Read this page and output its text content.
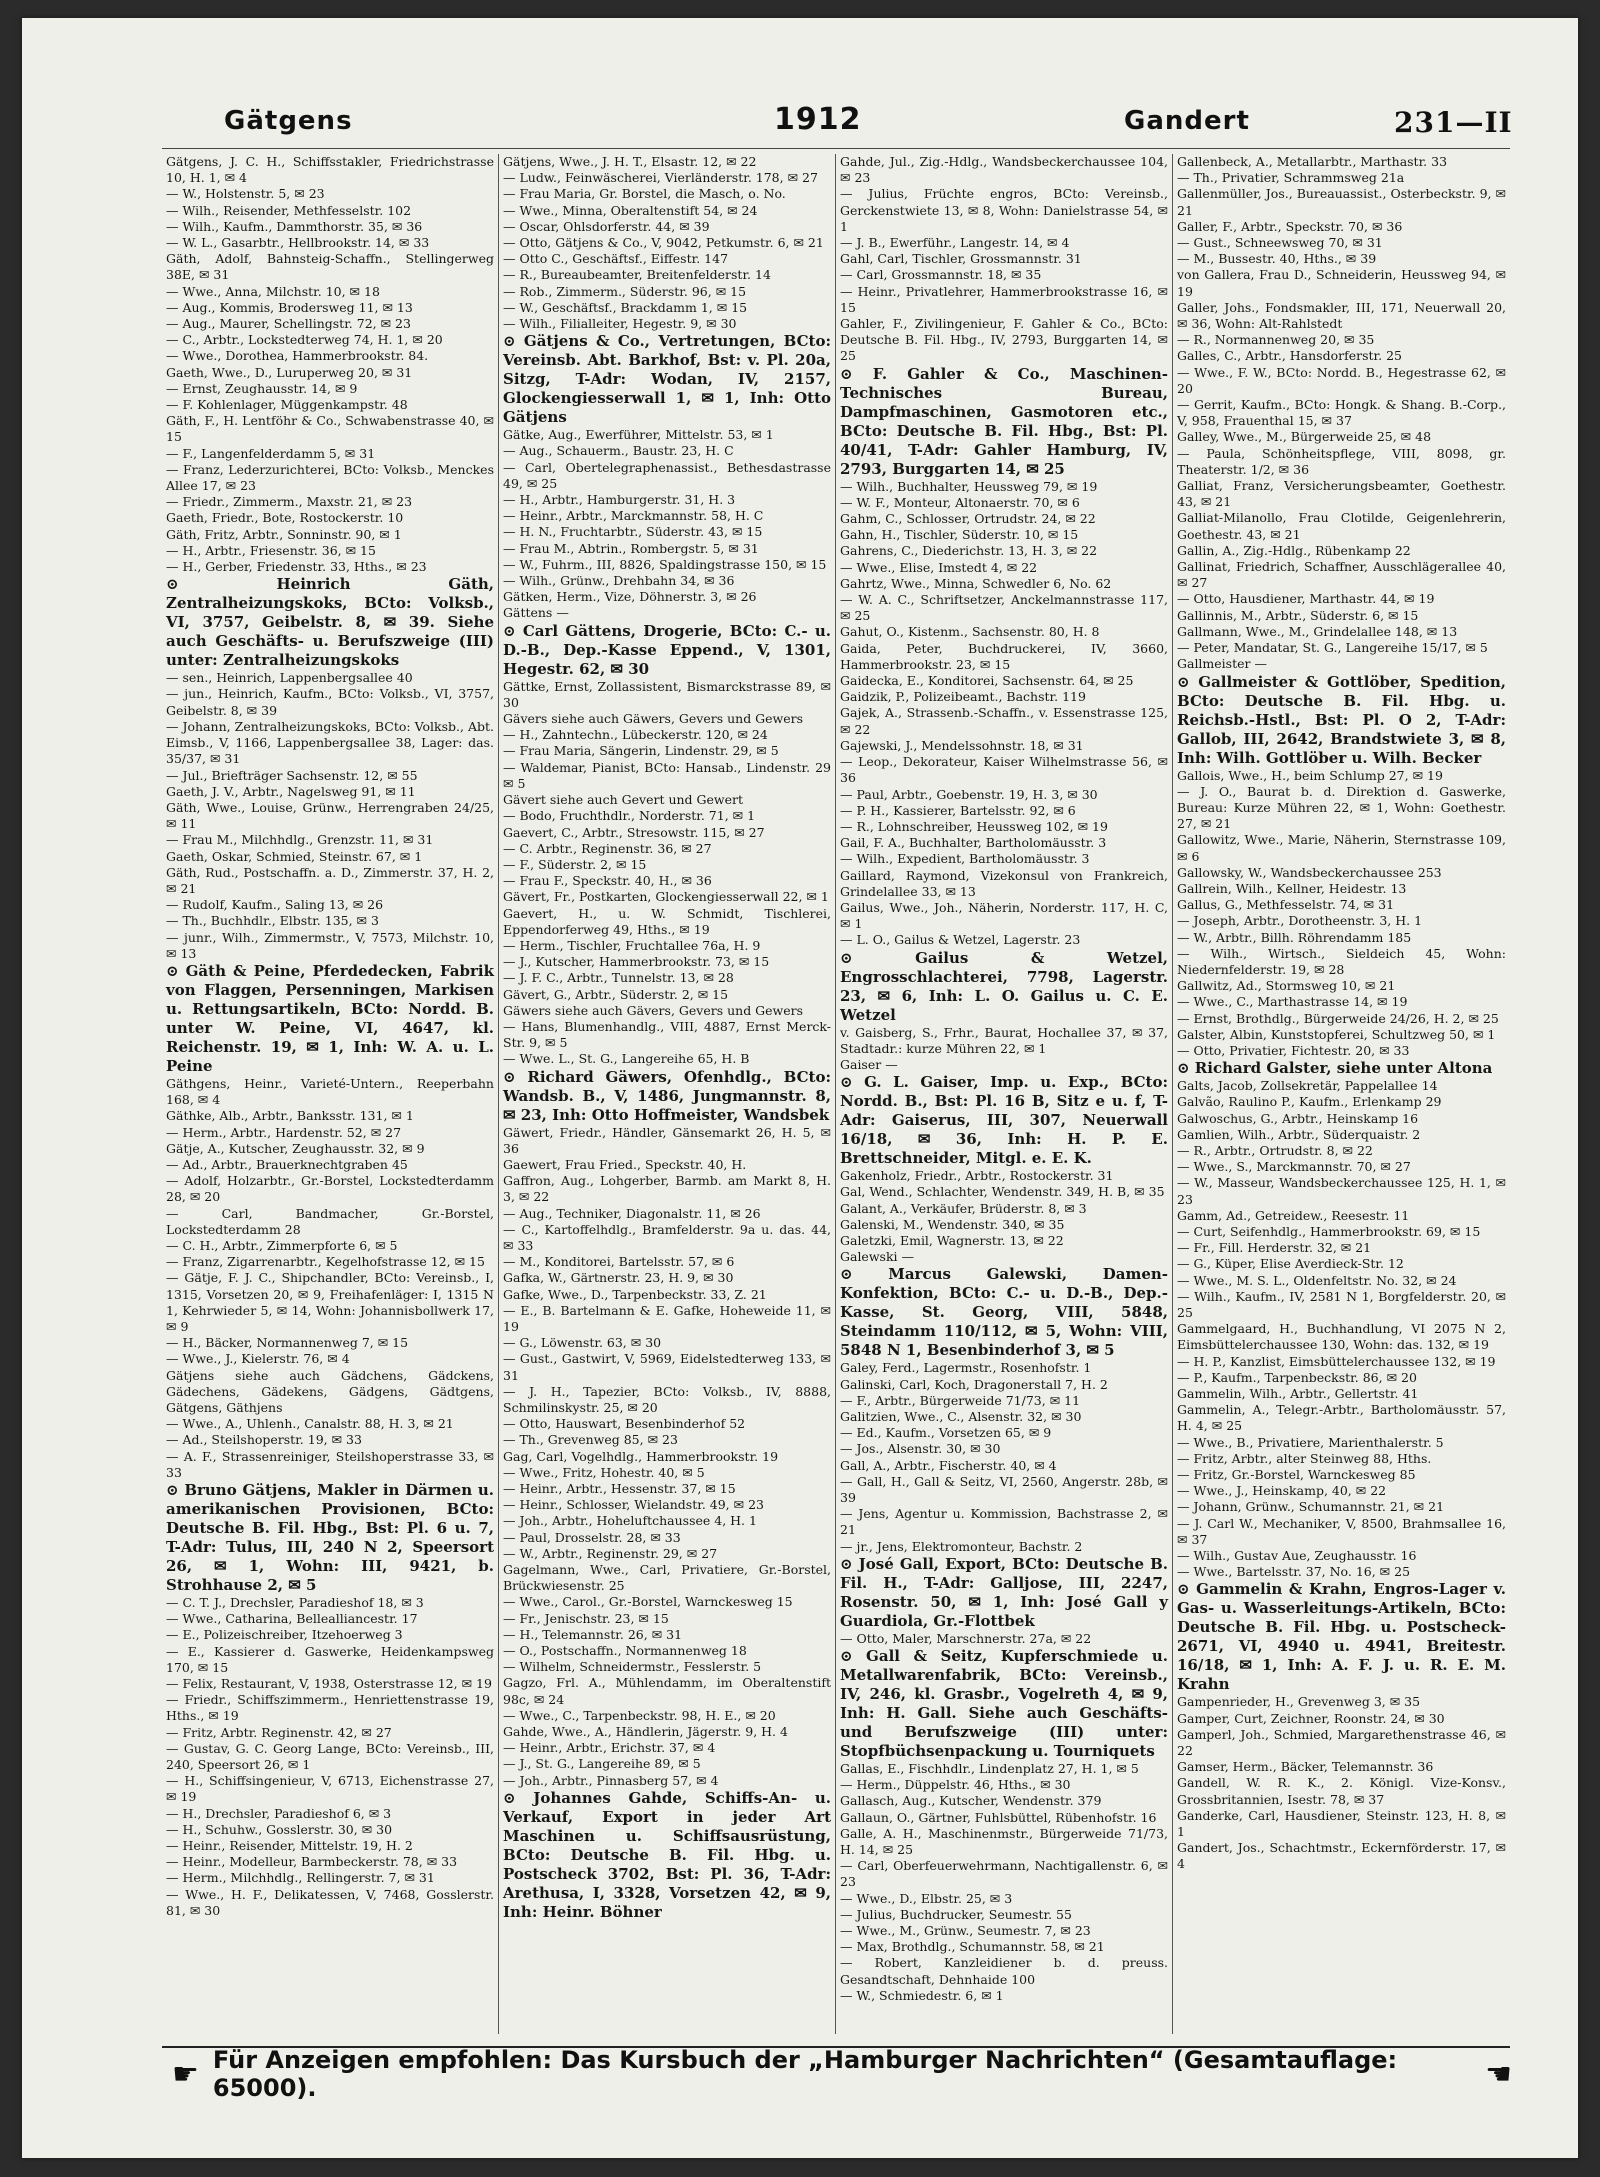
Gätgens	1912	Gandert	231—II

Gätgens, J. C. H., Schiffsstakler, Friedrichstrasse 10, H. 1, ✉ 4

— W., Holstenstr. 5, ✉ 23

— Wilh., Reisender, Methfesselstr. 102

— Wilh., Kaufm., Dammthorstr. 35, ✉ 36

— W. L., Gasarbtr., Hellbrookstr. 14, ✉ 33

Gäth, Adolf, Bahnsteig-Schaffn., Stellingerweg 38E, ✉ 31

— Wwe., Anna, Milchstr. 10, ✉ 18

— Aug., Kommis, Brodersweg 11, ✉ 13

— Aug., Maurer, Schellingstr. 72, ✉ 23

— C., Arbtr., Lockstedterweg 74, H. 1, ✉ 20

— Wwe., Dorothea, Hammerbrookstr. 84.

Gaeth, Wwe., D., Luruperweg 20, ✉ 31

— Ernst, Zeughausstr. 14, ✉ 9

— F. Kohlenlager, Müggenkampstr. 48

Gäth, F., H. Lentföhr & Co., Schwabenstrasse 40, ✉ 15

— F., Langenfelderdamm 5, ✉ 31

— Franz, Lederzurichterei, BCto: Volksb., Menckes Allee 17, ✉ 23

— Friedr., Zimmerm., Maxstr. 21, ✉ 23

Gaeth, Friedr., Bote, Rostockerstr. 10

Gäth, Fritz, Arbtr., Sonninstr. 90, ✉ 1

— H., Arbtr., Friesenstr. 36, ✉ 15

— H., Gerber, Friedenstr. 33, Hths., ✉ 23

⊙ Heinrich Gäth, Zentralheizungskoks, BCto: Volksb., VI, 3757, Geibelstr. 8, ✉ 39. Siehe auch Geschäfts- u. Berufszweige (III) unter: Zentralheizungskoks

— sen., Heinrich, Lappenbergsallee 40

— jun., Heinrich, Kaufm., BCto: Volksb., VI, 3757, Geibelstr. 8, ✉ 39

— Johann, Zentralheizungskoks, BCto: Volksb., Abt. Eimsb., V, 1166, Lappenbergsallee 38, Lager: das. 35/37, ✉ 31

— Jul., Briefträger Sachsenstr. 12, ✉ 55

Gaeth, J. V., Arbtr., Nagelsweg 91, ✉ 11

Gäth, Wwe., Louise, Grünw., Herrengraben 24/25, ✉ 11

— Frau M., Milchhdlg., Grenzstr. 11, ✉ 31

Gaeth, Oskar, Schmied, Steinstr. 67, ✉ 1

Gäth, Rud., Postschaffn. a. D., Zimmerstr. 37, H. 2, ✉ 21

— Rudolf, Kaufm., Saling 13, ✉ 26

— Th., Buchhdlr., Elbstr. 135, ✉ 3

— junr., Wilh., Zimmermstr., V, 7573, Milchstr. 10, ✉ 13

⊙ Gäth & Peine, Pferdedecken, Fabrik von Flaggen, Persenningen, Markisen u. Rettungsartikeln, BCto: Nordd. B. unter W. Peine, VI, 4647, kl. Reichenstr. 19, ✉ 1, Inh: W. A. u. L. Peine

Gäthgens, Heinr., Varieté-Untern., Reeperbahn 168, ✉ 4

Gäthke, Alb., Arbtr., Banksstr. 131, ✉ 1

— Herm., Arbtr., Hardenstr. 52, ✉ 27

Gätje, A., Kutscher, Zeughausstr. 32, ✉ 9

— Ad., Arbtr., Brauerknechtgraben 45

— Adolf, Holzarbtr., Gr.-Borstel, Lockstedterdamm 28, ✉ 20

— Carl, Bandmacher, Gr.-Borstel, Lockstedterdamm 28

— C. H., Arbtr., Zimmerpforte 6, ✉ 5

— Franz, Zigarrenarbtr., Kegelhofstrasse 12, ✉ 15

— Gätje, F. J. C., Shipchandler, BCto: Vereinsb., I, 1315, Vorsetzen 20, ✉ 9, Freihafenläger: I, 1315 N 1, Kehrwieder 5, ✉ 14, Wohn: Johannisbollwerk 17, ✉ 9

— H., Bäcker, Normannenweg 7, ✉ 15

— Wwe., J., Kielerstr. 76, ✉ 4

Gätjens siehe auch Gädchens, Gädckens, Gädechens, Gädekens, Gädgens, Gädtgens, Gätgens, Gäthjens

— Wwe., A., Uhlenh., Canalstr. 88, H. 3, ✉ 21

— Ad., Steilshoperstr. 19, ✉ 33

— A. F., Strassenreiniger, Steilshoperstrasse 33, ✉ 33

⊙ Bruno Gätjens, Makler in Därmen u. amerikanischen Provisionen, BCto: Deutsche B. Fil. Hbg., Bst: Pl. 6 u. 7, T-Adr: Tulus, III, 240 N 2, Speersort 26, ✉ 1, Wohn: III, 9421, b. Strohhause 2, ✉ 5

— C. T. J., Drechsler, Paradieshof 18, ✉ 3

— Wwe., Catharina, Bellealliancestr. 17

— E., Polizeischreiber, Itzehoerweg 3

— E., Kassierer d. Gaswerke, Heidenkampsweg 170, ✉ 15

— Felix, Restaurant, V, 1938, Osterstrasse 12, ✉ 19

— Friedr., Schiffszimmerm., Henriettenstrasse 19, Hths., ✉ 19

— Fritz, Arbtr. Reginenstr. 42, ✉ 27

— Gustav, G. C. Georg Lange, BCto: Vereinsb., III, 240, Speersort 26, ✉ 1

— H., Schiffsingenieur, V, 6713, Eichenstrasse 27, ✉ 19

— H., Drechsler, Paradieshof 6, ✉ 3

— H., Schuhw., Gosslerstr. 30, ✉ 30

— Heinr., Reisender, Mittelstr. 19, H. 2

— Heinr., Modelleur, Barmbeckerstr. 78, ✉ 33

— Herm., Milchhdlg., Rellingerstr. 7, ✉ 31

— Wwe., H. F., Delikatessen, V, 7468, Gosslerstr. 81, ✉ 30

Gätjens, Wwe., J. H. T., Elsastr. 12, ✉ 22

— Ludw., Feinwäscherei, Vierländerstr. 178, ✉ 27

— Frau Maria, Gr. Borstel, die Masch, o. No.

— Wwe., Minna, Oberaltenstift 54, ✉ 24

— Oscar, Ohlsdorferstr. 44, ✉ 39

— Otto, Gätjens & Co., V, 9042, Petkumstr. 6, ✉ 21

— Otto C., Geschäftsf., Eiffestr. 147

— R., Bureaubeamter, Breitenfelderstr. 14

— Rob., Zimmerm., Süderstr. 96, ✉ 15

— W., Geschäftsf., Brackdamm 1, ✉ 15

— Wilh., Filialleiter, Hegestr. 9, ✉ 30

⊙ Gätjens & Co., Vertretungen, BCto: Vereinsb. Abt. Barkhof, Bst: v. Pl. 20a, Sitzg, T-Adr: Wodan, IV, 2157, Glockengiesserwall 1, ✉ 1, Inh: Otto Gätjens

Gätke, Aug., Ewerführer, Mittelstr. 53, ✉ 1

— Aug., Schauerm., Baustr. 23, H. C

— Carl, Obertelegraphenassist., Bethesdastrasse 49, ✉ 25

— H., Arbtr., Hamburgerstr. 31, H. 3

— Heinr., Arbtr., Marckmannstr. 58, H. C

— H. N., Fruchtarbtr., Süderstr. 43, ✉ 15

— Frau M., Abtrin., Rombergstr. 5, ✉ 31

— W., Fuhrm., III, 8826, Spaldingstrasse 150, ✉ 15

— Wilh., Grünw., Drehbahn 34, ✉ 36

Gätken, Herm., Vize, Döhnerstr. 3, ✉ 26

Gättens —

⊙ Carl Gättens, Drogerie, BCto: C.- u. D.-B., Dep.-Kasse Eppend., V, 1301, Hegestr. 62, ✉ 30

Gättke, Ernst, Zollassistent, Bismarckstrasse 89, ✉ 30

Gävers siehe auch Gäwers, Gevers und Gewers

— H., Zahntechn., Lübeckerstr. 120, ✉ 24

— Frau Maria, Sängerin, Lindenstr. 29, ✉ 5

— Waldemar, Pianist, BCto: Hansab., Lindenstr. 29 ✉ 5

Gävert siehe auch Gevert und Gewert

— Bodo, Fruchthdlr., Norderstr. 71, ✉ 1

Gaevert, C., Arbtr., Stresowstr. 115, ✉ 27

— C. Arbtr., Reginenstr. 36, ✉ 27

— F., Süderstr. 2, ✉ 15

— Frau F., Speckstr. 40, H., ✉ 36

Gävert, Fr., Postkarten, Glockengiesserwall 22, ✉ 1

Gaevert, H., u. W. Schmidt, Tischlerei, Eppendorferweg 49, Hths., ✉ 19

— Herm., Tischler, Fruchtallee 76a, H. 9

— J., Kutscher, Hammerbrookstr. 73, ✉ 15

— J. F. C., Arbtr., Tunnelstr. 13, ✉ 28

Gävert, G., Arbtr., Süderstr. 2, ✉ 15

Gäwers siehe auch Gävers, Gevers und Gewers

— Hans, Blumenhandlg., VIII, 4887, Ernst Merck-Str. 9, ✉ 5

— Wwe. L., St. G., Langereihe 65, H. B

⊙ Richard Gäwers, Ofenhdlg., BCto: Wandsb. B., V, 1486, Jungmannstr. 8, ✉ 23, Inh: Otto Hoffmeister, Wandsbek

Gäwert, Friedr., Händler, Gänsemarkt 26, H. 5, ✉ 36

Gaewert, Frau Fried., Speckstr. 40, H.

Gaffron, Aug., Lohgerber, Barmb. am Markt 8, H. 3, ✉ 22

— Aug., Techniker, Diagonalstr. 11, ✉ 26

— C., Kartoffelhdlg., Bramfelderstr. 9a u. das. 44, ✉ 33

— M., Konditorei, Bartelsstr. 57, ✉ 6

Gafka, W., Gärtnerstr. 23, H. 9, ✉ 30

Gafke, Wwe., D., Tarpenbeckstr. 33, Z. 21

— E., B. Bartelmann & E. Gafke, Hoheweide 11, ✉ 19

— G., Löwenstr. 63, ✉ 30

— Gust., Gastwirt, V, 5969, Eidelstedterweg 133, ✉ 31

— J. H., Tapezier, BCto: Volksb., IV, 8888, Schmilinskystr. 25, ✉ 20

— Otto, Hauswart, Besenbinderhof 52

— Th., Grevenweg 85, ✉ 23

Gag, Carl, Vogelhdlg., Hammerbrookstr. 19

— Wwe., Fritz, Hohestr. 40, ✉ 5

— Heinr., Arbtr., Hessenstr. 37, ✉ 15

— Heinr., Schlosser, Wielandstr. 49, ✉ 23

— Joh., Arbtr., Hoheluftchaussee 4, H. 1

— Paul, Drosselstr. 28, ✉ 33

— W., Arbtr., Reginenstr. 29, ✉ 27

Gagelmann, Wwe., Carl, Privatiere, Gr.-Borstel, Brückwiesenstr. 25

— Wwe., Carol., Gr.-Borstel, Warnckesweg 15

— Fr., Jenischstr. 23, ✉ 15

— H., Telemannstr. 26, ✉ 31

— O., Postschaffn., Normannenweg 18

— Wilhelm, Schneidermstr., Fesslerstr. 5

Gagzo, Frl. A., Mühlendamm, im Oberaltenstift 98c, ✉ 24

— Wwe., C., Tarpenbeckstr. 98, H. E., ✉ 20

Gahde, Wwe., A., Händlerin, Jägerstr. 9, H. 4

— Heinr., Arbtr., Erichstr. 37, ✉ 4

— J., St. G., Langereihe 89, ✉ 5

— Joh., Arbtr., Pinnasberg 57, ✉ 4

⊙ Johannes Gahde, Schiffs-An- u. Verkauf, Export in jeder Art Maschinen u. Schiffsausrüstung, BCto: Deutsche B. Fil. Hbg. u. Postscheck 3702, Bst: Pl. 36, T-Adr: Arethusa, I, 3328, Vorsetzen 42, ✉ 9, Inh: Heinr. Böhner

Gahde, Jul., Zig.-Hdlg., Wandsbeckerchaussee 104, ✉ 23

— Julius, Früchte engros, BCto: Vereinsb., Gerckenstwiete 13, ✉ 8, Wohn: Danielstrasse 54, ✉ 1

— J. B., Ewerführ., Langestr. 14, ✉ 4

Gahl, Carl, Tischler, Grossmannstr. 31

— Carl, Grossmannstr. 18, ✉ 35

— Heinr., Privatlehrer, Hammerbrookstrasse 16, ✉ 15

Gahler, F., Zivilingenieur, F. Gahler & Co., BCto: Deutsche B. Fil. Hbg., IV, 2793, Burggarten 14, ✉ 25

⊙ F. Gahler & Co., Maschinen-Technisches Bureau, Dampfmaschinen, Gasmotoren etc., BCto: Deutsche B. Fil. Hbg., Bst: Pl. 40/41, T-Adr: Gahler Hamburg, IV, 2793, Burggarten 14, ✉ 25

— Wilh., Buchhalter, Heussweg 79, ✉ 19

— W. F., Monteur, Altonaerstr. 70, ✉ 6

Gahm, C., Schlosser, Ortrudstr. 24, ✉ 22

Gahn, H., Tischler, Süderstr. 10, ✉ 15

Gahrens, C., Diederichstr. 13, H. 3, ✉ 22

— Wwe., Elise, Imstedt 4, ✉ 22

Gahrtz, Wwe., Minna, Schwedler 6, No. 62

— W. A. C., Schriftsetzer, Anckelmannstrasse 117, ✉ 25

Gahut, O., Kistenm., Sachsenstr. 80, H. 8

Gaida, Peter, Buchdruckerei, IV, 3660, Hammerbrookstr. 23, ✉ 15

Gaidecka, E., Konditorei, Sachsenstr. 64, ✉ 25

Gaidzik, P., Polizeibeamt., Bachstr. 119

Gajek, A., Strassenb.-Schaffn., v. Essenstrasse 125, ✉ 22

Gajewski, J., Mendelssohnstr. 18, ✉ 31

— Leop., Dekorateur, Kaiser Wilhelmstrasse 56, ✉ 36

— Paul, Arbtr., Goebenstr. 19, H. 3, ✉ 30

— P. H., Kassierer, Bartelsstr. 92, ✉ 6

— R., Lohnschreiber, Heussweg 102, ✉ 19

Gail, F. A., Buchhalter, Bartholomäusstr. 3

— Wilh., Expedient, Bartholomäusstr. 3

Gaillard, Raymond, Vizekonsul von Frankreich, Grindelallee 33, ✉ 13

Gailus, Wwe., Joh., Näherin, Norderstr. 117, H. C, ✉ 1

— L. O., Gailus & Wetzel, Lagerstr. 23

⊙ Gailus & Wetzel, Engrosschlachterei, 7798, Lagerstr. 23, ✉ 6, Inh: L. O. Gailus u. C. E. Wetzel

v. Gaisberg, S., Frhr., Baurat, Hochallee 37, ✉ 37, Stadtadr.: kurze Mühren 22, ✉ 1

Gaiser —

⊙ G. L. Gaiser, Imp. u. Exp., BCto: Nordd. B., Bst: Pl. 16 B, Sitz e u. f, T-Adr: Gaiserus, III, 307, Neuerwall 16/18, ✉ 36, Inh: H. P. E. Brettschneider, Mitgl. e. E. K.

Gakenholz, Friedr., Arbtr., Rostockerstr. 31

Gal, Wend., Schlachter, Wendenstr. 349, H. B, ✉ 35

Galant, A., Verkäufer, Brüderstr. 8, ✉ 3

Galenski, M., Wendenstr. 340, ✉ 35

Galetzki, Emil, Wagnerstr. 13, ✉ 22

Galewski —

⊙ Marcus Galewski, Damen-Konfektion, BCto: C.- u. D.-B., Dep.-Kasse, St. Georg, VIII, 5848, Steindamm 110/112, ✉ 5, Wohn: VIII, 5848 N 1, Besenbinderhof 3, ✉ 5

Galey, Ferd., Lagermstr., Rosenhofstr. 1

Galinski, Carl, Koch, Dragonerstall 7, H. 2

— F., Arbtr., Bürgerweide 71/73, ✉ 11

Galitzien, Wwe., C., Alsenstr. 32, ✉ 30

— Ed., Kaufm., Vorsetzen 65, ✉ 9

— Jos., Alsenstr. 30, ✉ 30

Gall, A., Arbtr., Fischerstr. 40, ✉ 4

— Gall, H., Gall & Seitz, VI, 2560, Angerstr. 28b, ✉ 39

— Jens, Agentur u. Kommission, Bachstrasse 2, ✉ 21

— jr., Jens, Elektromonteur, Bachstr. 2

⊙ José Gall, Export, BCto: Deutsche B. Fil. H., T-Adr: Galljose, III, 2247, Rosenstr. 50, ✉ 1, Inh: José Gall y Guardiola, Gr.-Flottbek

— Otto, Maler, Marschnerstr. 27a, ✉ 22

⊙ Gall & Seitz, Kupferschmiede u. Metallwarenfabrik, BCto: Vereinsb., IV, 246, kl. Grasbr., Vogelreth 4, ✉ 9, Inh: H. Gall. Siehe auch Geschäfts- und Berufszweige (III) unter: Stopfbüchsenpackung u. Tourniquets

Gallas, E., Fischhdlr., Lindenplatz 27, H. 1, ✉ 5

— Herm., Düppelstr. 46, Hths., ✉ 30

Gallasch, Aug., Kutscher, Wendenstr. 379

Gallaun, O., Gärtner, Fuhlsbüttel, Rübenhofstr. 16

Galle, A. H., Maschinenmstr., Bürgerweide 71/73, H. 14, ✉ 25

— Carl, Oberfeuerwehrmann, Nachtigallenstr. 6, ✉ 23

— Wwe., D., Elbstr. 25, ✉ 3

— Julius, Buchdrucker, Seumestr. 55

— Wwe., M., Grünw., Seumestr. 7, ✉ 23

— Max, Brothdlg., Schumannstr. 58, ✉ 21

— Robert, Kanzleidiener b. d. preuss. Gesandtschaft, Dehnhaide 100

— W., Schmiedestr. 6, ✉ 1

Gallenbeck, A., Metallarbtr., Marthastr. 33

— Th., Privatier, Schrammsweg 21a

Gallenmüller, Jos., Bureauassist., Osterbeckstr. 9, ✉ 21

Galler, F., Arbtr., Speckstr. 70, ✉ 36

— Gust., Schneewsweg 70, ✉ 31

— M., Bussestr. 40, Hths., ✉ 39

von Gallera, Frau D., Schneiderin, Heussweg 94, ✉ 19

Galler, Johs., Fondsmakler, III, 171, Neuerwall 20, ✉ 36, Wohn: Alt-Rahlstedt

— R., Normannenweg 20, ✉ 35

Galles, C., Arbtr., Hansdorferstr. 25

— Wwe., F. W., BCto: Nordd. B., Hegestrasse 62, ✉ 20

— Gerrit, Kaufm., BCto: Hongk. & Shang. B.-Corp., V, 958, Frauenthal 15, ✉ 37

Galley, Wwe., M., Bürgerweide 25, ✉ 48

— Paula, Schönheitspflege, VIII, 8098, gr. Theaterstr. 1/2, ✉ 36

Galliat, Franz, Versicherungsbeamter, Goethestr. 43, ✉ 21

Galliat-Milanollo, Frau Clotilde, Geigenlehrerin, Goethestr. 43, ✉ 21

Gallin, A., Zig.-Hdlg., Rübenkamp 22

Gallinat, Friedrich, Schaffner, Ausschlägerallee 40, ✉ 27

— Otto, Hausdiener, Marthastr. 44, ✉ 19

Gallinnis, M., Arbtr., Süderstr. 6, ✉ 15

Gallmann, Wwe., M., Grindelallee 148, ✉ 13

— Peter, Mandatar, St. G., Langereihe 15/17, ✉ 5

Gallmeister —

⊙ Gallmeister & Gottlöber, Spedition, BCto: Deutsche B. Fil. Hbg. u. Reichsb.-Hstl., Bst: Pl. O 2, T-Adr: Gallob, III, 2642, Brandstwiete 3, ✉ 8, Inh: Wilh. Gottlöber u. Wilh. Becker

Gallois, Wwe., H., beim Schlump 27, ✉ 19

— J. O., Baurat b. d. Direktion d. Gaswerke, Bureau: Kurze Mühren 22, ✉ 1, Wohn: Goethestr. 27, ✉ 21

Gallowitz, Wwe., Marie, Näherin, Sternstrasse 109, ✉ 6

Gallowsky, W., Wandsbeckerchaussee 253

Gallrein, Wilh., Kellner, Heidestr. 13

Gallus, G., Methfesselstr. 74, ✉ 31

— Joseph, Arbtr., Dorotheenstr. 3, H. 1

— W., Arbtr., Billh. Röhrendamm 185

— Wilh., Wirtsch., Sieldeich 45, Wohn: Niedernfelderstr. 19, ✉ 28

Gallwitz, Ad., Stormsweg 10, ✉ 21

— Wwe., C., Marthastrasse 14, ✉ 19

— Ernst, Brothdlg., Bürgerweide 24/26, H. 2, ✉ 25

Galster, Albin, Kunststopferei, Schultzweg 50, ✉ 1

— Otto, Privatier, Fichtestr. 20, ✉ 33

⊙ Richard Galster, siehe unter Altona

Galts, Jacob, Zollsekretär, Pappelallee 14

Galvão, Raulino P., Kaufm., Erlenkamp 29

Galwoschus, G., Arbtr., Heinskamp 16

Gamlien, Wilh., Arbtr., Süderquaistr. 2

— R., Arbtr., Ortrudstr. 8, ✉ 22

— Wwe., S., Marckmannstr. 70, ✉ 27

— W., Masseur, Wandsbeckerchaussee 125, H. 1, ✉ 23

Gamm, Ad., Getreidew., Reesestr. 11

— Curt, Seifenhdlg., Hammerbrookstr. 69, ✉ 15

— Fr., Fill. Herderstr. 32, ✉ 21

— G., Küper, Elise Averdieck-Str. 12

— Wwe., M. S. L., Oldenfeltstr. No. 32, ✉ 24

— Wilh., Kaufm., IV, 2581 N 1, Borgfelderstr. 20, ✉ 25

Gammelgaard, H., Buchhandlung, VI 2075 N 2, Eimsbüttelerchaussee 130, Wohn: das. 132, ✉ 19

— H. P., Kanzlist, Eimsbüttelerchaussee 132, ✉ 19

— P., Kaufm., Tarpenbeckstr. 86, ✉ 20

Gammelin, Wilh., Arbtr., Gellertstr. 41

Gammelin, A., Telegr.-Arbtr., Bartholomäusstr. 57, H. 4, ✉ 25

— Wwe., B., Privatiere, Marienthalerstr. 5

— Fritz, Arbtr., alter Steinweg 88, Hths.

— Fritz, Gr.-Borstel, Warnckesweg 85

— Wwe., J., Heinskamp, 40, ✉ 22

— Johann, Grünw., Schumannstr. 21, ✉ 21

— J. Carl W., Mechaniker, V, 8500, Brahmsallee 16, ✉ 37

— Wilh., Gustav Aue, Zeughausstr. 16

— Wwe., Bartelsstr. 37, No. 16, ✉ 25

⊙ Gammelin & Krahn, Engros-Lager v. Gas- u. Wasserleitungs-Artikeln, BCto: Deutsche B. Fil. Hbg. u. Postscheck-2671, VI, 4940 u. 4941, Breitestr. 16/18, ✉ 1, Inh: A. F. J. u. R. E. M. Krahn

Gampenrieder, H., Grevenweg 3, ✉ 35

Gamper, Curt, Zeichner, Roonstr. 24, ✉ 30

Gamperl, Joh., Schmied, Margarethenstrasse 46, ✉ 22

Gamser, Herm., Bäcker, Telemannstr. 36

Gandell, W. R. K., 2. Königl. Vize-Konsv., Grossbritannien, Isestr. 78, ✉ 37

Ganderke, Carl, Hausdiener, Steinstr. 123, H. 8, ✉ 1

Gandert, Jos., Schachtmstr., Eckernförderstr. 17, ✉ 4

☛ Für Anzeigen empfohlen: Das Kursbuch der „Hamburger Nachrichten“ (Gesamtauflage: 65000).	☚
